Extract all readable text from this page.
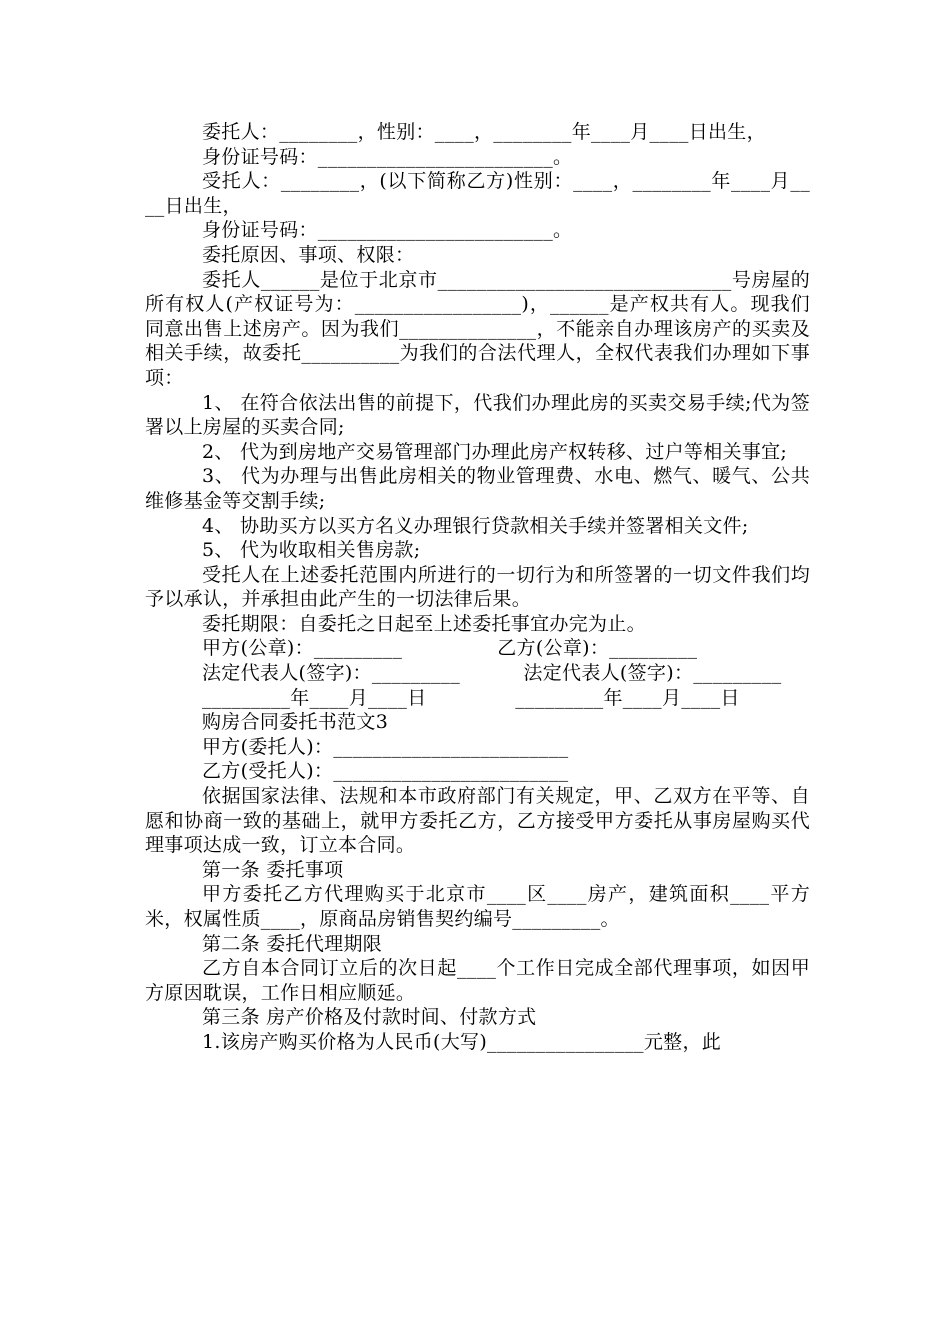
委托人：________，性别：____，________年____月____日出生，

身份证号码：________________________。

受托人：________，(以下简称乙方)性别：____，________年____月____日出生，

身份证号码：________________________。

委托原因、事项、权限：

委托人______是位于北京市______________________________号房屋的所有权人(产权证号为：_________________)，______是产权共有人。现我们同意出售上述房产。因为我们______________，不能亲自办理该房产的买卖及相关手续，故委托__________为我们的合法代理人，全权代表我们办理如下事项：

1、 在符合依法出售的前提下，代我们办理此房的买卖交易手续;代为签署以上房屋的买卖合同;

2、 代为到房地产交易管理部门办理此房产权转移、过户等相关事宜;

3、 代为办理与出售此房相关的物业管理费、水电、燃气、暖气、公共维修基金等交割手续;

4、 协助买方以买方名义办理银行贷款相关手续并签署相关文件;

5、 代为收取相关售房款;

受托人在上述委托范围内所进行的一切行为和所签署的一切文件我们均予以承认，并承担由此产生的一切法律后果。

委托期限：自委托之日起至上述委托事宜办完为止。

甲方(公章)：_________               乙方(公章)：_________

法定代表人(签字)：_________          法定代表人(签字)：_________

_________年____月____日              _________年____月____日

购房合同委托书范文3

甲方(委托人)：________________________

乙方(受托人)：________________________

依据国家法律、法规和本市政府部门有关规定，甲、乙双方在平等、自愿和协商一致的基础上，就甲方委托乙方，乙方接受甲方委托从事房屋购买代理事项达成一致，订立本合同。

第一条 委托事项

甲方委托乙方代理购买于北京市____区____房产，建筑面积____平方米，权属性质____，原商品房销售契约编号_________。

第二条 委托代理期限

乙方自本合同订立后的次日起____个工作日完成全部代理事项，如因甲方原因耽误，工作日相应顺延。

第三条 房产价格及付款时间、付款方式

1.该房产购买价格为人民币(大写)________________元整，此
